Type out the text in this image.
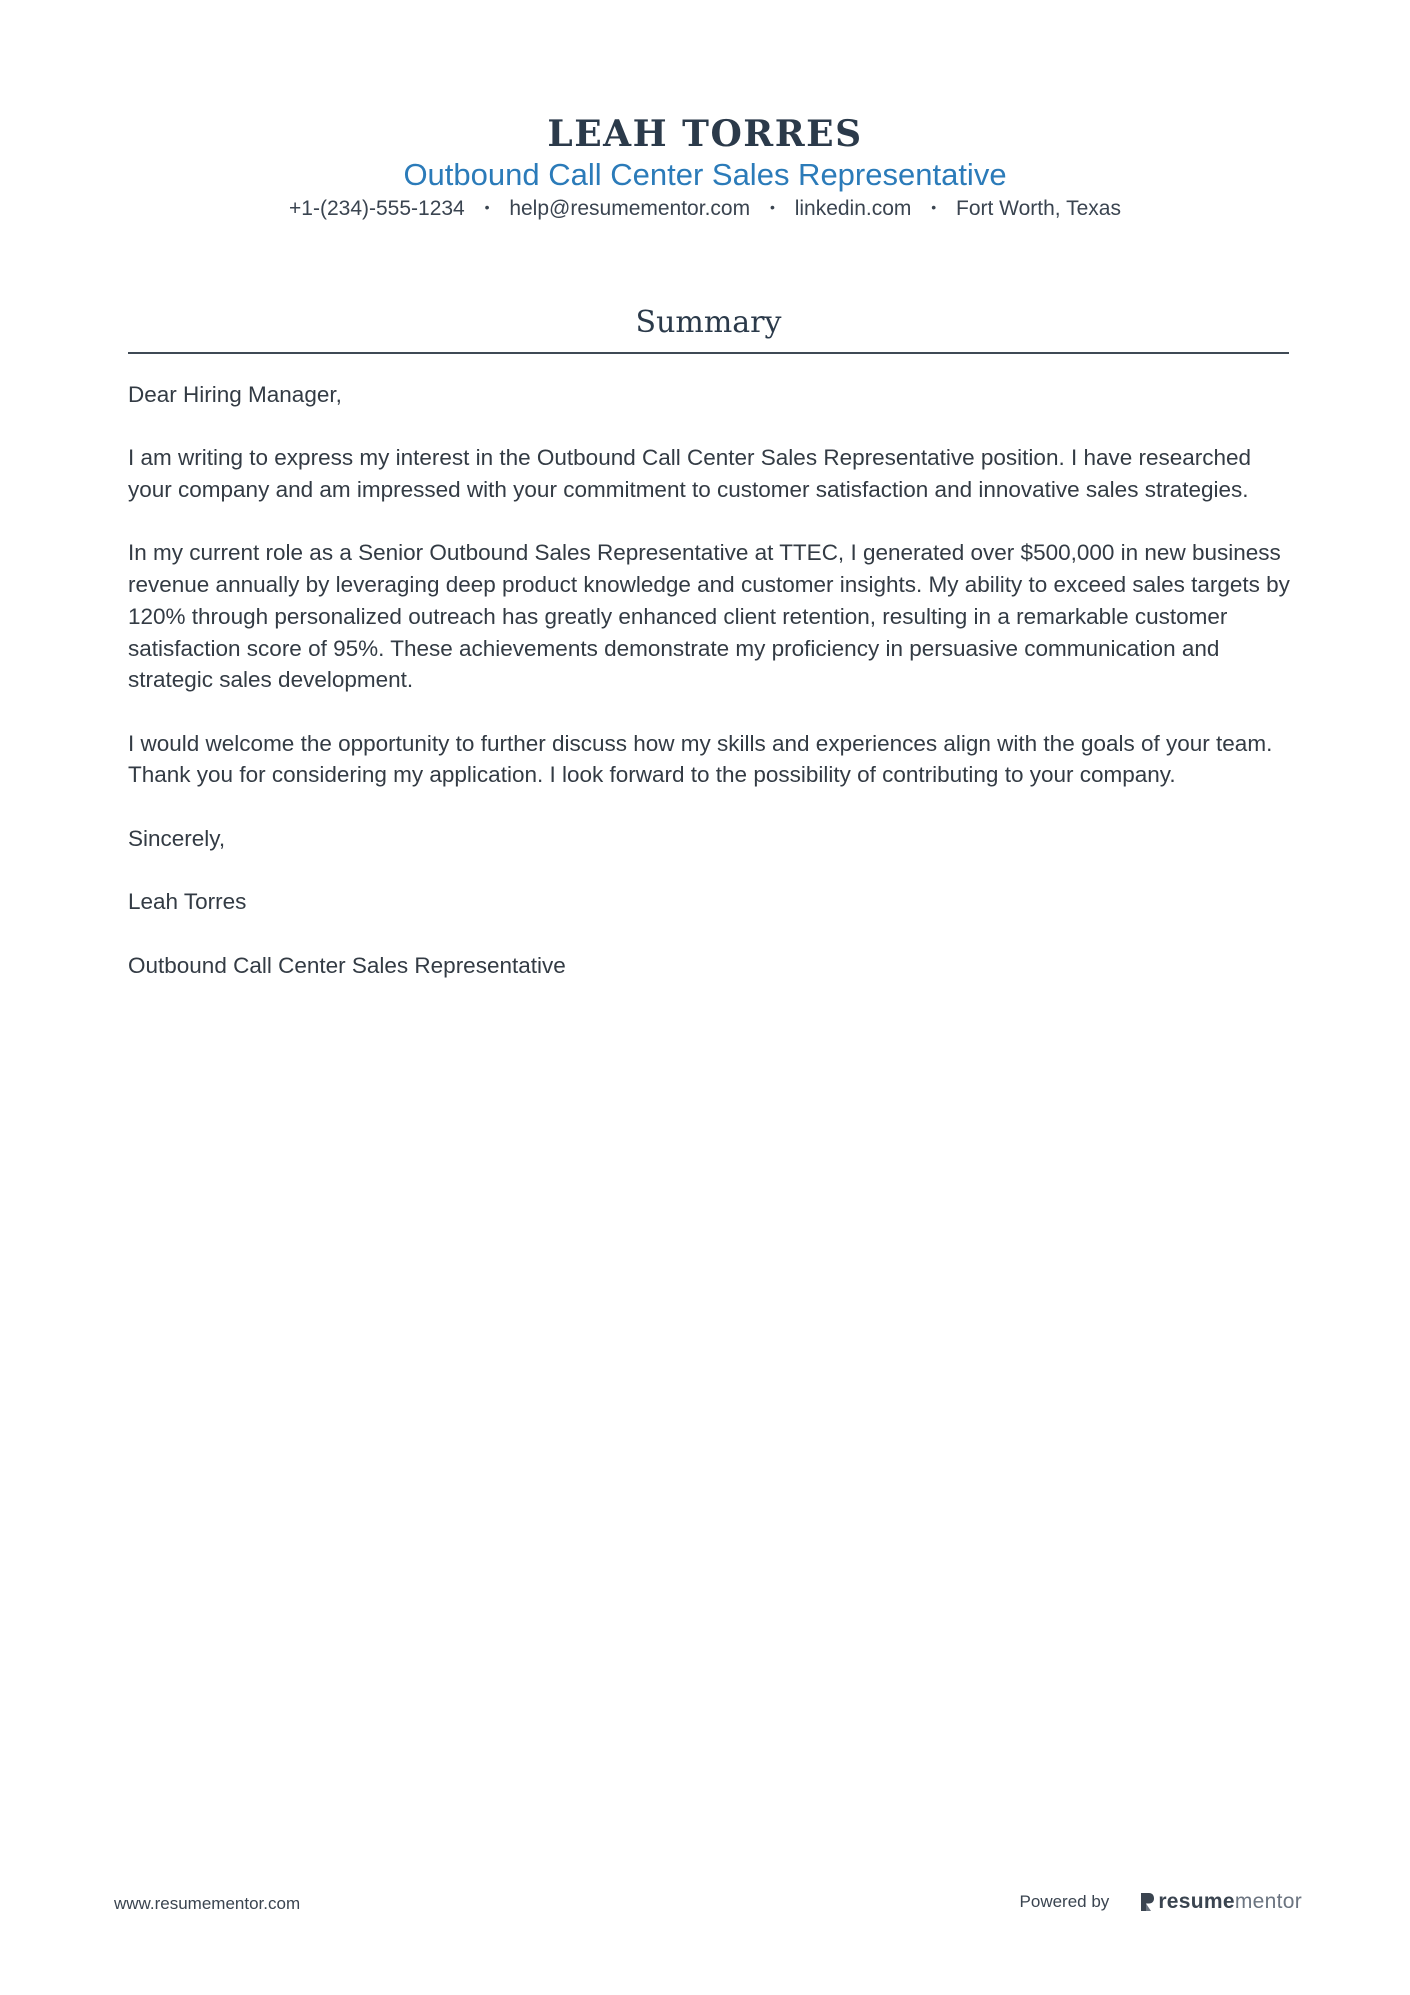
LEAH TORRES
Outbound Call Center Sales Representative
+1-(234)-555-1234 • help@resumementor.com • linkedin.com • Fort Worth, Texas
Summary

Dear Hiring Manager,

I am writing to express my interest in the Outbound Call Center Sales Representative position. I have researched your company and am impressed with your commitment to customer satisfaction and innovative sales strategies.

In my current role as a Senior Outbound Sales Representative at TTEC, I generated over $500,000 in new business revenue annually by leveraging deep product knowledge and customer insights. My ability to exceed sales targets by 120% through personalized outreach has greatly enhanced client retention, resulting in a remarkable customer satisfaction score of 95%. These achievements demonstrate my proficiency in persuasive communication and strategic sales development.

I would welcome the opportunity to further discuss how my skills and experiences align with the goals of your team. Thank you for considering my application. I look forward to the possibility of contributing to your company.

Sincerely,

Leah Torres

Outbound Call Center Sales Representative

www.resumementor.com	Powered by resume mentor
